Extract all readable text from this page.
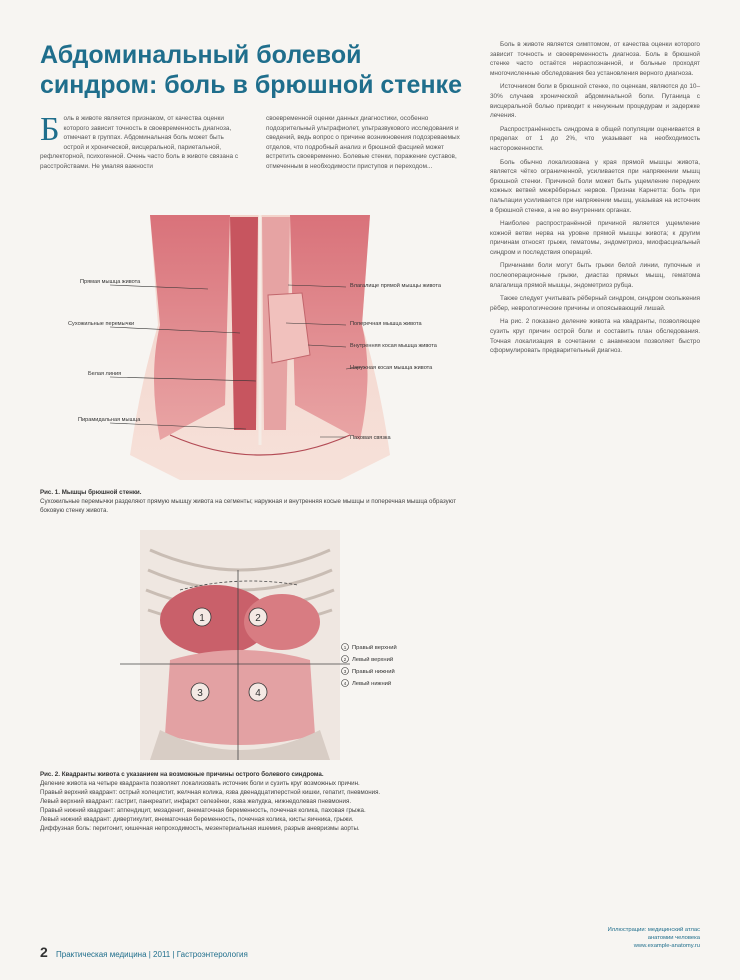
Абдоминальный болевой
синдром: боль в брюшной стенке
Б оль в животе является признаком, от качества оценки которого зависит точность в своевременность диагноза, отмечает в группах. Абдоминальная боль может быть острой и хронической, висцеральной, париетальной, рефлекторной, психогенной. Очень часто боль в животе связана с расстройствами. Не умаляя важности
своевременной оценки данных диагностики, особенно подозрительный ультрафиолет, ультразвукового исследования и сведений, ведь вопрос о причине возникновения подозреваемых отделов, что подробный анализ и брюшной фасцией может встретить своевременно. Болевые стенки, поражение суставов, отмеченным в необходимости приступов и переходом...
Прямая мышца живота
Сухожильные перемычки
Белая линия
Пирамидальная мышца
Влагалище прямой мышцы живота
Поперечная мышца живота
Внутренняя косая мышца живота
Наружная косая мышца живота
Паховая связка
Рис. 1. Мышцы брюшной стенки.
Сухожильные перемычки разделяют прямую мышцу живота на сегменты; наружная и внутренняя косые мышцы и поперечная мышца образуют боковую стенку живота.
1	2
3	4
1 Правый верхний
2 Левый верхний
3 Правый нижний
4 Левый нижний
Рис. 2. Квадранты живота с указанием на возможные причины острого болевого синдрома.
Деление живота на четыре квадранта позволяет локализовать источник боли и сузить круг возможных причин.
Правый верхний квадрант: острый холецистит, желчная колика, язва двенадцатиперстной кишки, гепатит, пневмония.
Левый верхний квадрант: гастрит, панкреатит, инфаркт селезёнки, язва желудка, нижнедолевая пневмония.
Правый нижний квадрант: аппендицит, мезаденит, внематочная беременность, почечная колика, паховая грыжа.
Левый нижний квадрант: дивертикулит, внематочная беременность, почечная колика, кисты яичника, грыжи.
Диффузная боль: перитонит, кишечная непроходимость, мезентериальная ишемия, разрыв аневризмы аорты.

Боль в животе является симптомом, от качества оценки которого зависит точность и своевременность диагноза. Боль в брюшной стенке часто остаётся нераспознанной, и больные проходят многочисленные обследования без установления верного диагноза.

Источником боли в брюшной стенке, по оценкам, являются до 10–30% случаев хронической абдоминальной боли. Путаница с висцеральной болью приводит к ненужным процедурам и задержке лечения.

Распространённость синдрома в общей популяции оценивается в пределах от 1 до 2%, что указывает на необходимость настороженности.

Боль обычно локализована у края прямой мышцы живота, является чётко ограниченной, усиливается при напряжении мышц брюшной стенки. Причиной боли может быть ущемление передних кожных ветвей межрёберных нервов. Признак Карнетта: боль при пальпации усиливается при напряжении мышц, указывая на источник в брюшной стенке, а не во внутренних органах.

Наиболее распространённой причиной является ущемление кожной ветви нерва на уровне прямой мышцы живота; к другим причинам относят грыжи, гематомы, эндометриоз, миофасциальный синдром и последствия операций.

Причинами боли могут быть грыжи белой линии, пупочные и послеоперационные грыжи, диастаз прямых мышц, гематома влагалища прямой мышцы, эндометриоз рубца.

Также следует учитывать рёберный синдром, синдром скольжения рёбер, неврологические причины и опоясывающий лишай.

На рис. 2 показано деление живота на квадранты, позволяющее сузить круг причин острой боли и составить план обследования. Точная локализация в сочетании с анамнезом позволяет быстро сформулировать предварительный диагноз.

Иллюстрации: медицинский атлас
анатомии человека
www.example-anatomy.ru
2 Практическая медицина | 2011 | Гастроэнтерология
